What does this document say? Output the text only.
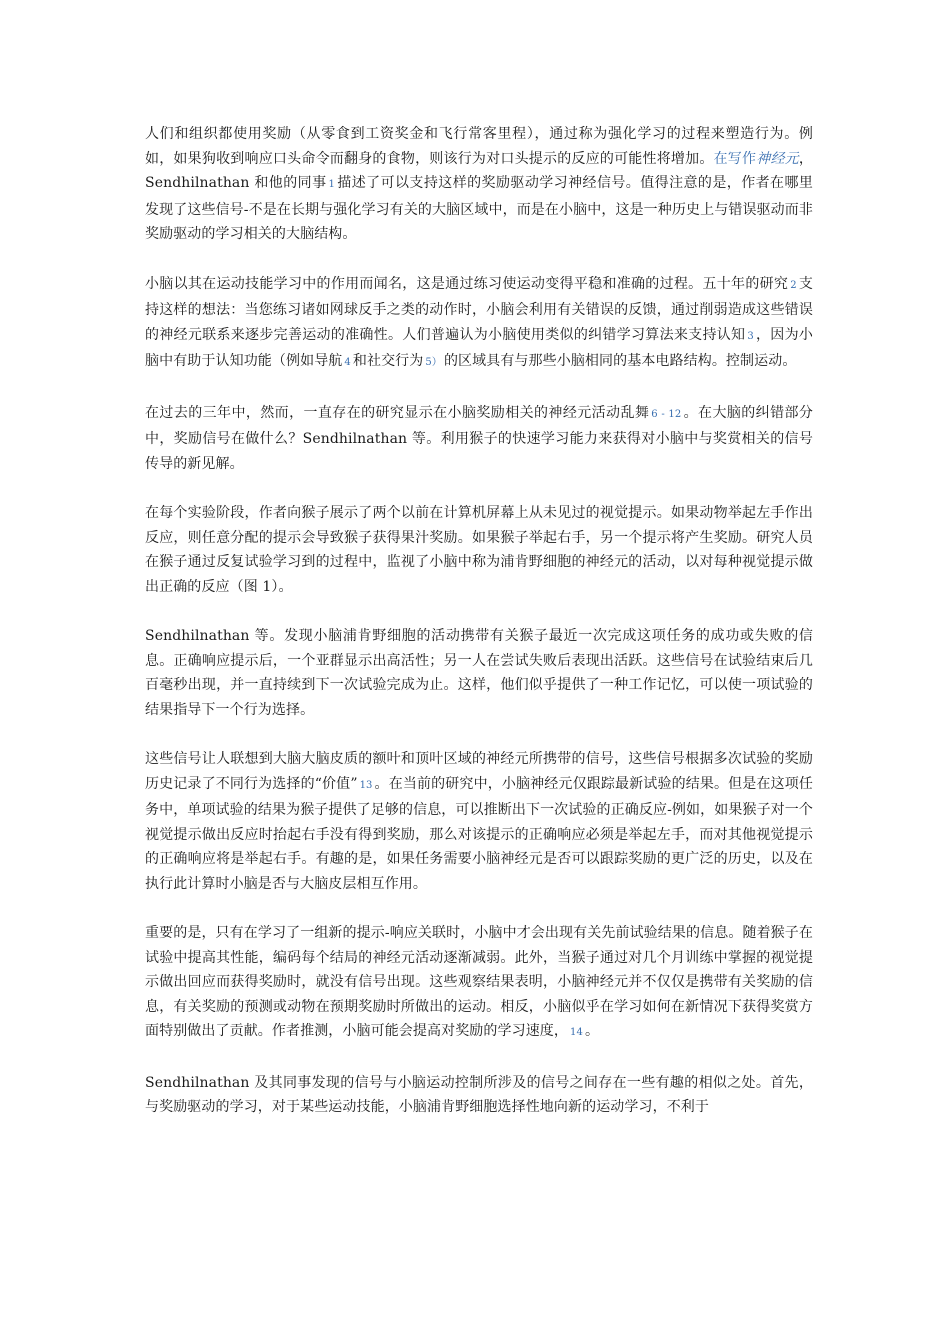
人们和组织都使用奖励（从零食到工资奖金和飞行常客里程），通过称为强化学习的过程来塑造行为。例如，如果狗收到响应口头命令而翻身的食物，则该行为对口头提示的反应的可能性将增加。在写作神经元，Sendhilnathan 和他的同事 1 描述了可以支持这样的奖励驱动学习神经信号。值得注意的是，作者在哪里发现了这些信号-不是在长期与强化学习有关的大脑区域中，而是在小脑中，这是一种历史上与错误驱动而非奖励驱动的学习相关的大脑结构。

小脑以其在运动技能学习中的作用而闻名，这是通过练习使运动变得平稳和准确的过程。五十年的研究 2 支持这样的想法：当您练习诸如网球反手之类的动作时，小脑会利用有关错误的反馈，通过削弱造成这些错误的神经元联系来逐步完善运动的准确性。人们普遍认为小脑使用类似的纠错学习算法来支持认知 3 ，因为小脑中有助于认知功能（例如导航 4 和社交行为 5） 的区域具有与那些小脑相同的基本电路结构。控制运动。

在过去的三年中，然而，一直存在的研究显示在小脑奖励相关的神经元活动乱舞 6 - 12 。在大脑的纠错部分中，奖励信号在做什么？Sendhilnathan 等。利用猴子的快速学习能力来获得对小脑中与奖赏相关的信号传导的新见解。

在每个实验阶段，作者向猴子展示了两个以前在计算机屏幕上从未见过的视觉提示。如果动物举起左手作出反应，则任意分配的提示会导致猴子获得果汁奖励。如果猴子举起右手，另一个提示将产生奖励。研究人员在猴子通过反复试验学习到的过程中，监视了小脑中称为浦肯野细胞的神经元的活动，以对每种视觉提示做出正确的反应（图 1）。

Sendhilnathan 等。发现小脑浦肯野细胞的活动携带有关猴子最近一次完成这项任务的成功或失败的信息。正确响应提示后，一个亚群显示出高活性；另一人在尝试失败后表现出活跃。这些信号在试验结束后几百毫秒出现，并一直持续到下一次试验完成为止。这样，他们似乎提供了一种工作记忆，可以使一项试验的结果指导下一个行为选择。

这些信号让人联想到大脑大脑皮质的额叶和顶叶区域的神经元所携带的信号，这些信号根据多次试验的奖励历史记录了不同行为选择的“价值” 13 。在当前的研究中，小脑神经元仅跟踪最新试验的结果。但是在这项任务中，单项试验的结果为猴子提供了足够的信息，可以推断出下一次试验的正确反应-例如，如果猴子对一个视觉提示做出反应时抬起右手没有得到奖励，那么对该提示的正确响应必须是举起左手，而对其他视觉提示的正确响应将是举起右手。有趣的是，如果任务需要小脑神经元是否可以跟踪奖励的更广泛的历史，以及在执行此计算时小脑是否与大脑皮层相互作用。

重要的是，只有在学习了一组新的提示-响应关联时，小脑中才会出现有关先前试验结果的信息。随着猴子在试验中提高其性能，编码每个结局的神经元活动逐渐减弱。此外，当猴子通过对几个月训练中掌握的视觉提示做出回应而获得奖励时，就没有信号出现。这些观察结果表明，小脑神经元并不仅仅是携带有关奖励的信息，有关奖励的预测或动物在预期奖励时所做出的运动。相反，小脑似乎在学习如何在新情况下获得奖赏方面特别做出了贡献。作者推测，小脑可能会提高对奖励的学习速度， 14 。

Sendhilnathan 及其同事发现的信号与小脑运动控制所涉及的信号之间存在一些有趣的相似之处。首先，与奖励驱动的学习，对于某些运动技能，小脑浦肯野细胞选择性地向新的运动学习，不利于
